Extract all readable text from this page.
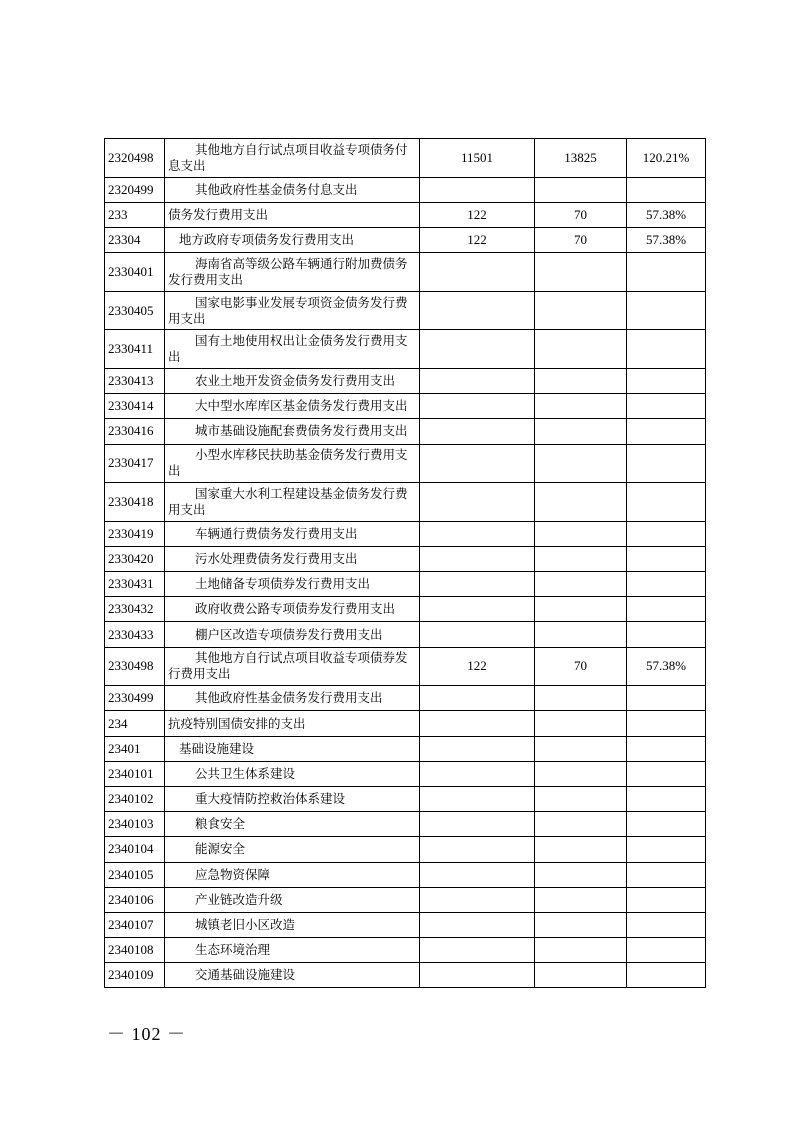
2320498	其他地方自行试点项目收益专项债务付息支出	11501	13825	120.21%
2320499	其他政府性基金债务付息支出			
233	债务发行费用支出	122	70	57.38%
23304	地方政府专项债务发行费用支出	122	70	57.38%
2330401	海南省高等级公路车辆通行附加费债务发行费用支出			
2330405	国家电影事业发展专项资金债务发行费用支出			
2330411	国有土地使用权出让金债务发行费用支出			
2330413	农业土地开发资金债务发行费用支出			
2330414	大中型水库库区基金债务发行费用支出			
2330416	城市基础设施配套费债务发行费用支出			
2330417	小型水库移民扶助基金债务发行费用支出			
2330418	国家重大水利工程建设基金债务发行费用支出			
2330419	车辆通行费债务发行费用支出			
2330420	污水处理费债务发行费用支出			
2330431	土地储备专项债券发行费用支出			
2330432	政府收费公路专项债券发行费用支出			
2330433	棚户区改造专项债券发行费用支出			
2330498	其他地方自行试点项目收益专项债券发行费用支出	122	70	57.38%
2330499	其他政府性基金债务发行费用支出			
234	抗疫特别国债安排的支出			
23401	基础设施建设			
2340101	公共卫生体系建设			
2340102	重大疫情防控救治体系建设			
2340103	粮食安全			
2340104	能源安全			
2340105	应急物资保障			
2340106	产业链改造升级			
2340107	城镇老旧小区改造			
2340108	生态环境治理			
2340109	交通基础设施建设			
－ 102 －
